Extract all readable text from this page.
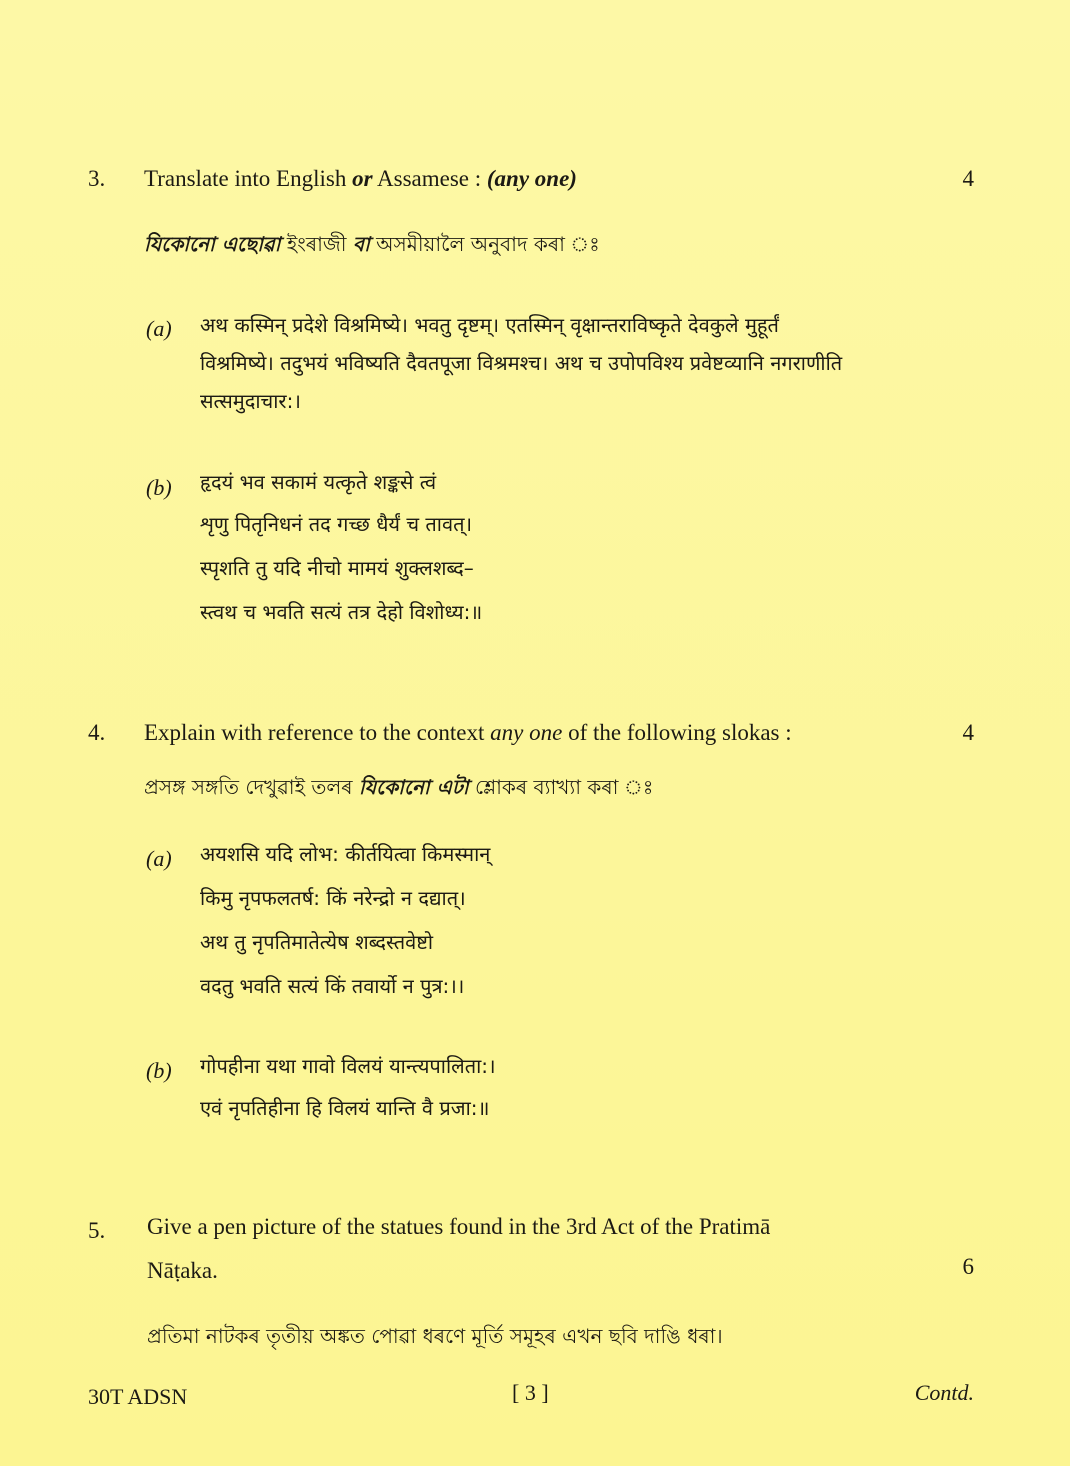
3. Translate into English or Assamese : (any one)	4
যিকোনো এছোৱা ইংৰাজী বা অসমীয়ালৈ অনুবাদ কৰা ঃ
(a) अथ कस्मिन् प्रदेशे विश्रमिष्ये। भवतु दृष्टम्। एतस्मिन् वृक्षान्तराविष्कृते देवकुले मुहूर्तं
विश्रमिष्ये। तदुभयं भविष्यति दैवतपूजा विश्रमश्च। अथ च उपोपविश्य प्रवेष्टव्यानि नगराणीति
सत्समुदाचार:।
(b) हृदयं भव सकामं यत्कृते शङ्कसे त्वं
शृणु पितृनिधनं तद गच्छ धैर्यं च तावत्।
स्पृशति तु यदि नीचो मामयं शुक्लशब्द–
स्त्वथ च भवति सत्यं तत्र देहो विशोध्य:॥
4. Explain with reference to the context any one of the following slokas :	4
প্ৰসঙ্গ সঙ্গতি দেখুৱাই তলৰ যিকোনো এটা শ্লোকৰ ব্যাখ্যা কৰা ঃ
(a) अयशसि यदि लोभ: कीर्तयित्वा किमस्मान्
किमु नृपफलतर्ष: किं नरेन्द्रो न दद्यात्।
अथ तु नृपतिमातेत्येष शब्दस्तवेष्टो
वदतु भवति सत्यं किं तवार्यो न पुत्र:।।
(b) गोपहीना यथा गावो विलयं यान्त्यपालिता:।
एवं नृपतिहीना हि विलयं यान्ति वै प्रजा:॥
5. Give a pen picture of the statues found in the 3rd Act of the Pratimā
Nāṭaka.	6
প্ৰতিমা নাটকৰ তৃতীয় অঙ্কত পোৱা ধৰণে মূৰ্তি সমূহৰ এখন ছবি দাঙি ধৰা।
30T ADSN	[ 3 ]	Contd.
